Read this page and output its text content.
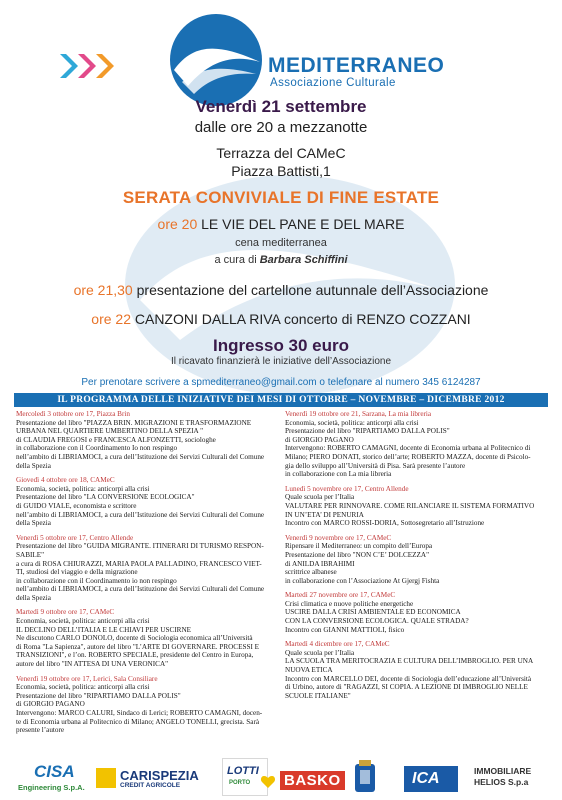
MEDITERRANEO
Associazione Culturale
Venerdì 21 settembre
dalle ore 20 a mezzanotte
Terrazza del CAMeC
Piazza Battisti,1
SERATA CONVIVIALE DI FINE ESTATE
ore 20 LE VIE DEL PANE E DEL MARE
cena mediterranea
a cura di Barbara Schiffini
ore 21,30 presentazione del cartellone autunnale dell’Associazione
ore 22 CANZONI DALLA RIVA concerto di RENZO COZZANI
Ingresso 30 euro
Il ricavato finanzierà le iniziative dell’Associazione
Per prenotare scrivere a spmediterraneo@gmail.com o telefonare al numero 345 6124287
IL PROGRAMMA DELLE INIZIATIVE DEI MESI DI OTTOBRE – NOVEMBRE – DICEMBRE 2012
Mercoledì 3 ottobre ore 17, Piazza Brin
Presentazione del libro "PIAZZA BRIN. MIGRAZIONI E TRASFORMAZIONE
URBANA NEL QUARTIERE UMBERTINO DELLA SPEZIA "
di CLAUDIA FREGOSI e FRANCESCA ALFONZETTI, sociologhe
in collaborazione con il Coordinamento Io non respingo
nell’ambito di LIBRIAMOCI, a cura dell’Istituzione dei Servizi Culturali del Comune
della Spezia
Giovedì 4 ottobre ore 18, CAMeC
Economia, società, politica: anticorpi alla crisi
Presentazione del libro "LA CONVERSIONE ECOLOGICA"
di GUIDO VIALE, economista e scrittore
nell’ambito di LIBRIAMOCI, a cura dell’Istituzione dei Servizi Culturali del Comune
della Spezia
Venerdì 5 ottobre ore 17, Centro Allende
Presentazione del libro "GUIDA MIGRANTE. ITINERARI DI TURISMO RESPON-
SABILE"
a cura di ROSA CHIURAZZI, MARIA PAOLA PALLADINO, FRANCESCO VIET-
TI, studiosi del viaggio e della migrazione
in collaborazione con il Coordinamento io non respingo
nell’ambito di LIBRIAMOCI, a cura dell’Istituzione dei Servizi Culturali del Comune
della Spezia
Martedì 9 ottobre ore 17, CAMeC
Economia, società, politica: anticorpi alla crisi
IL DECLINO DELL’ITALIA E LE CHIAVI PER USCIRNE
Ne discutono CARLO DONOLO, docente di Sociologia economica all’Università
di Roma "La Sapienza", autore del libro "L’ARTE DI GOVERNARE. PROCESSI E
TRANSIZIONI", e l’on. ROBERTO SPECIALE, presidente del Centro in Europa,
autore del libro "IN ATTESA DI UNA VERONICA"
Venerdì 19 ottobre ore 17, Lerici, Sala Consiliare
Economia, società, politica: anticorpi alla crisi
Presentazione del libro "RIPARTIAMO DALLA POLIS"
di GIORGIO PAGANO
Intervengono: MARCO CALURI, Sindaco di Lerici; ROBERTO CAMAGNI, docen-
te di Economia urbana al Politecnico di Milano; ANGELO TONELLI, grecista. Sarà
presente l’autore
Venerdì 19 ottobre ore 21, Sarzana, La mia libreria
Economia, società, politica: anticorpi alla crisi
Presentazione del libro "RIPARTIAMO DALLA POLIS"
di GIORGIO PAGANO
Intervengono: ROBERTO CAMAGNI, docente di Economia urbana al Politecnico di
Milano; PIERO DONATI, storico dell’arte; ROBERTO MAZZA, docente di Psicolo-
gia dello sviluppo all’Università di Pisa. Sarà presente l’autore
in collaborazione con La mia libreria
Lunedì 5 novembre ore 17, Centro Allende
Quale scuola per l’Italia
VALUTARE PER RINNOVARE. COME RILANCIARE IL SISTEMA FORMATIVO
IN UN’ETA’ DI PENURIA
Incontro con MARCO ROSSI-DORIA, Sottosegretario all’Istruzione
Venerdì 9 novembre ore 17, CAMeC
Ripensare il Mediterraneo: un compito dell’Europa
Presentazione del libro "NON C’E’ DOLCEZZA"
di ANILDA IBRAHIMI
scrittrice albanese
in collaborazione con l’Associazione At Gjergj Fishta
Martedì 27 novembre ore 17, CAMeC
Crisi climatica e nuove politiche energetiche
USCIRE DALLA CRISI AMBIENTALE ED ECONOMICA
CON LA CONVERSIONE ECOLOGICA. QUALE STRADA?
Incontro con GIANNI MATTIOLI, fisico
Martedì 4 dicembre ore 17, CAMeC
Quale scuola per l’Italia
LA SCUOLA TRA MERITOCRAZIA E CULTURA DELL’IMBROGLIO. PER UNA
NUOVA ETICA
Incontro con MARCELLO DEI, docente di Sociologia dell’educazione all’Università
di Urbino, autore di "RAGAZZI, SI COPIA. A LEZIONE DI IMBROGLIO NELLE
SCUOLE ITALIANE"
CISA
Engineering S.p.A.
CARISPEZIA
CREDIT AGRICOLE
LOTTI
PORTO BASKO	ICA	IMMOBILIARE
HELIOS S.p.a
